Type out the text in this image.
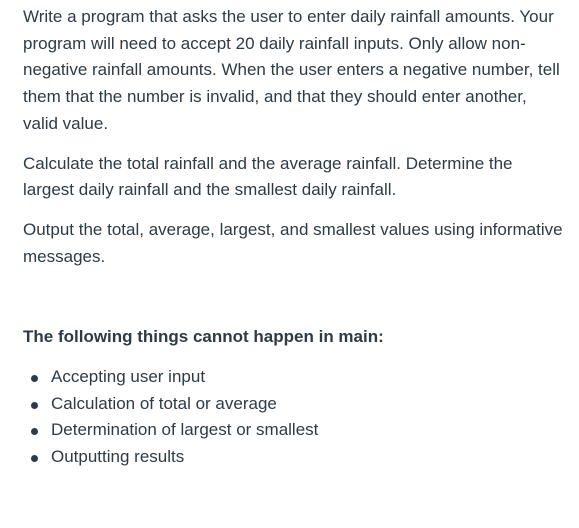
Write a program that asks the user to enter daily rainfall amounts. Your program will need to accept 20 daily rainfall inputs. Only allow non-negative rainfall amounts. When the user enters a negative number, tell them that the number is invalid, and that they should enter another, valid value.

Calculate the total rainfall and the average rainfall. Determine the largest daily rainfall and the smallest daily rainfall.

Output the total, average, largest, and smallest values using informative messages.

The following things cannot happen in main:

Accepting user input
Calculation of total or average
Determination of largest or smallest
Outputting results
